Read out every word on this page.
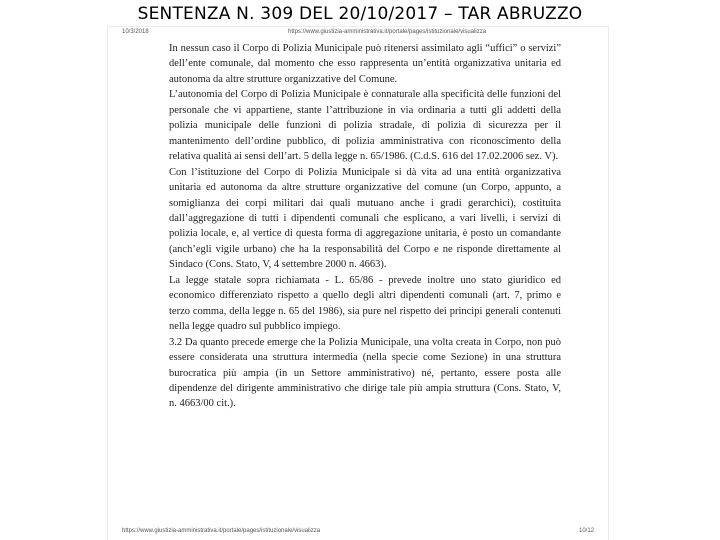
SENTENZA N. 309 DEL 20/10/2017 – TAR ABRUZZO
10/3/2018	https://www.giustizia-amministrativa.it/portale/pages/istituzionale/visualizza

In nessun caso il Corpo di Polizia Municipale può ritenersi assimilato agli “uffici” o servizi” dell’ente comunale, dal momento che esso rappresenta un’entità organizzativa unitaria ed autonoma da altre strutture organizzative del Comune.

L’autonomia del Corpo di Polizia Municipale è connaturale alla specificità delle funzioni del personale che vi appartiene, stante l’attribuzione in via ordinaria a tutti gli addetti della polizia municipale delle funzioni di polizia stradale, di polizia di sicurezza per il mantenimento dell’ordine pubblico, di polizia amministrativa con riconoscimento della relativa qualità ai sensi dell’art. 5 della legge n. 65/1986. (C.d.S. 616 del 17.02.2006 sez. V).

Con l’istituzione del Corpo di Polizia Municipale si dà vita ad una entità organizzativa unitaria ed autonoma da altre strutture organizzative del comune (un Corpo, appunto, a somiglianza dei corpi militari dai quali mutuano anche i gradi gerarchici), costituita dall’aggregazione di tutti i dipendenti comunali che esplicano, a vari livelli, i servizi di polizia locale, e, al vertice di questa forma di aggregazione unitaria, è posto un comandante (anch’egli vigile urbano) che ha la responsabilità del Corpo e ne risponde direttamente al Sindaco (Cons. Stato, V, 4 settembre 2000 n. 4663).

La legge statale sopra richiamata - L. 65/86 - prevede inoltre uno stato giuridico ed economico differenziato rispetto a quello degli altri dipendenti comunali (art. 7, primo e terzo comma, della legge n. 65 del 1986), sia pure nel rispetto dei principi generali contenuti nella legge quadro sul pubblico impiego.

3.2 Da quanto precede emerge che la Polizia Municipale, una volta creata in Corpo, non può essere considerata una struttura intermedia (nella specie come Sezione) in una struttura burocratica più ampia (in un Settore amministrativo) né, pertanto, essere posta alle dipendenze del dirigente amministrativo che dirige tale più ampia struttura (Cons. Stato, V, n. 4663/00 cit.).

https://www.giustizia-amministrativa.it/portale/pages/istituzionale/visualizza	10/12
